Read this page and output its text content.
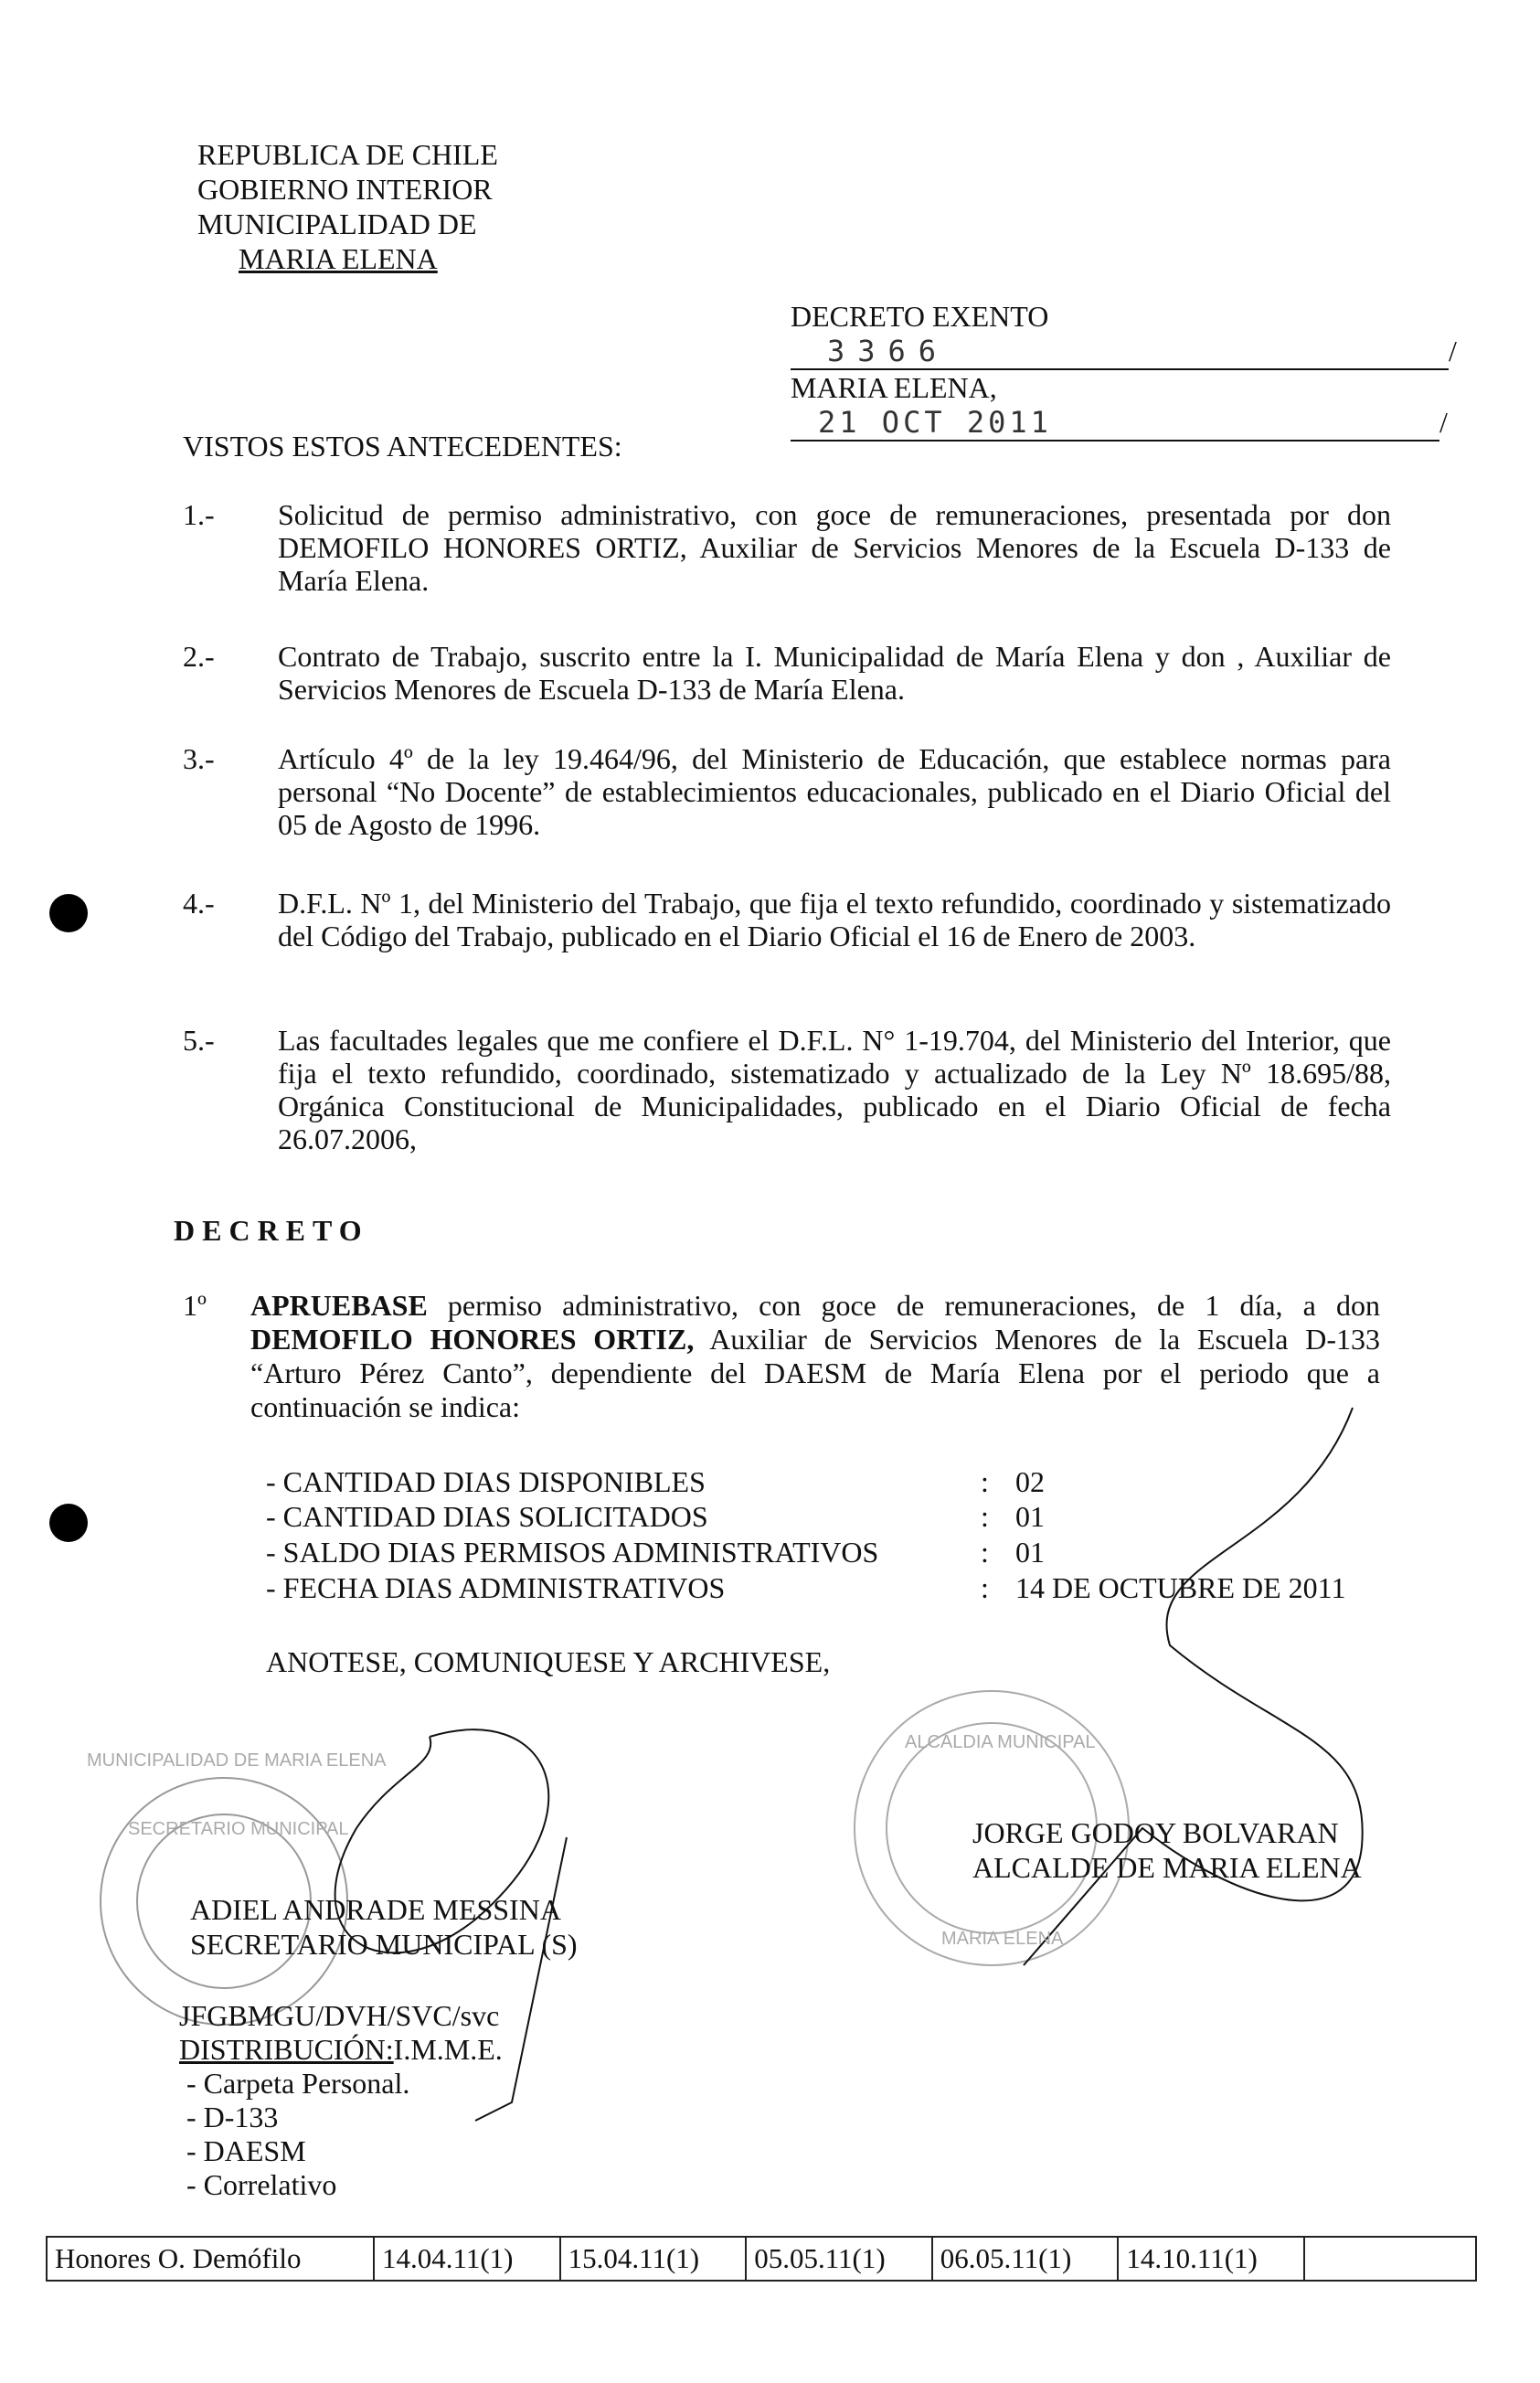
REPUBLICA DE CHILE
GOBIERNO INTERIOR
MUNICIPALIDAD DE
MARIA ELENA
DECRETO EXENTO3366	/
MARIA ELENA, 21 OCT 2011	/
VISTOS ESTOS ANTECEDENTES:
1.- Solicitud de permiso administrativo, con goce de remuneraciones, presentada por don DEMOFILO HONORES ORTIZ, Auxiliar de Servicios Menores de la Escuela D-133 de María Elena.
2.- Contrato de Trabajo, suscrito entre la I. Municipalidad de María Elena y don , Auxiliar de Servicios Menores de Escuela D-133 de María Elena.
3.- Artículo 4º de la ley 19.464/96, del Ministerio de Educación, que establece normas para personal “No Docente” de establecimientos educacionales, publicado en el Diario Oficial del 05 de Agosto de 1996.
4.- D.F.L. Nº 1, del Ministerio del Trabajo, que fija el texto refundido, coordinado y sistematizado del Código del Trabajo, publicado en el Diario Oficial el 16 de Enero de 2003.
5.- Las facultades legales que me confiere el D.F.L. N° 1-19.704, del Ministerio del Interior, que fija el texto refundido, coordinado, sistematizado y actualizado de la Ley Nº 18.695/88, Orgánica Constitucional de Municipalidades, publicado en el Diario Oficial de fecha 26.07.2006,
DECRETO
1º APRUEBASE permiso administrativo, con goce de remuneraciones, de 1 día, a don DEMOFILO HONORES ORTIZ, Auxiliar de Servicios Menores de la Escuela D-133 “Arturo Pérez Canto”, dependiente del DAESM de María Elena por el periodo que a continuación se indica:
- CANTIDAD DIAS DISPONIBLES	: 02
- CANTIDAD DIAS SOLICITADOS	: 01
- SALDO DIAS PERMISOS ADMINISTRATIVOS	: 01
- FECHA DIAS ADMINISTRATIVOS	: 14 DE OCTUBRE DE 2011
ANOTESE, COMUNIQUESE Y ARCHIVESE,
MUNICIPALIDAD DE MARIA ELENA
SECRETARIO MUNICIPAL
ALCALDIA MUNICIPAL
MARIA ELENA
ADIEL ANDRADE MESSINA
SECRETARIO MUNICIPAL (S)
JORGE GODOY BOLVARAN
ALCALDE DE MARIA ELENA
JFGBMGU/DVH/SVC/svc
DISTRIBUCIÓN:I.M.M.E.
- Carpeta Personal.
- D-133
- DAESM
- Correlativo
Honores O. Demófilo	14.04.11(1)	15.04.11(1)	05.05.11(1)	06.05.11(1)	14.10.11(1)	
